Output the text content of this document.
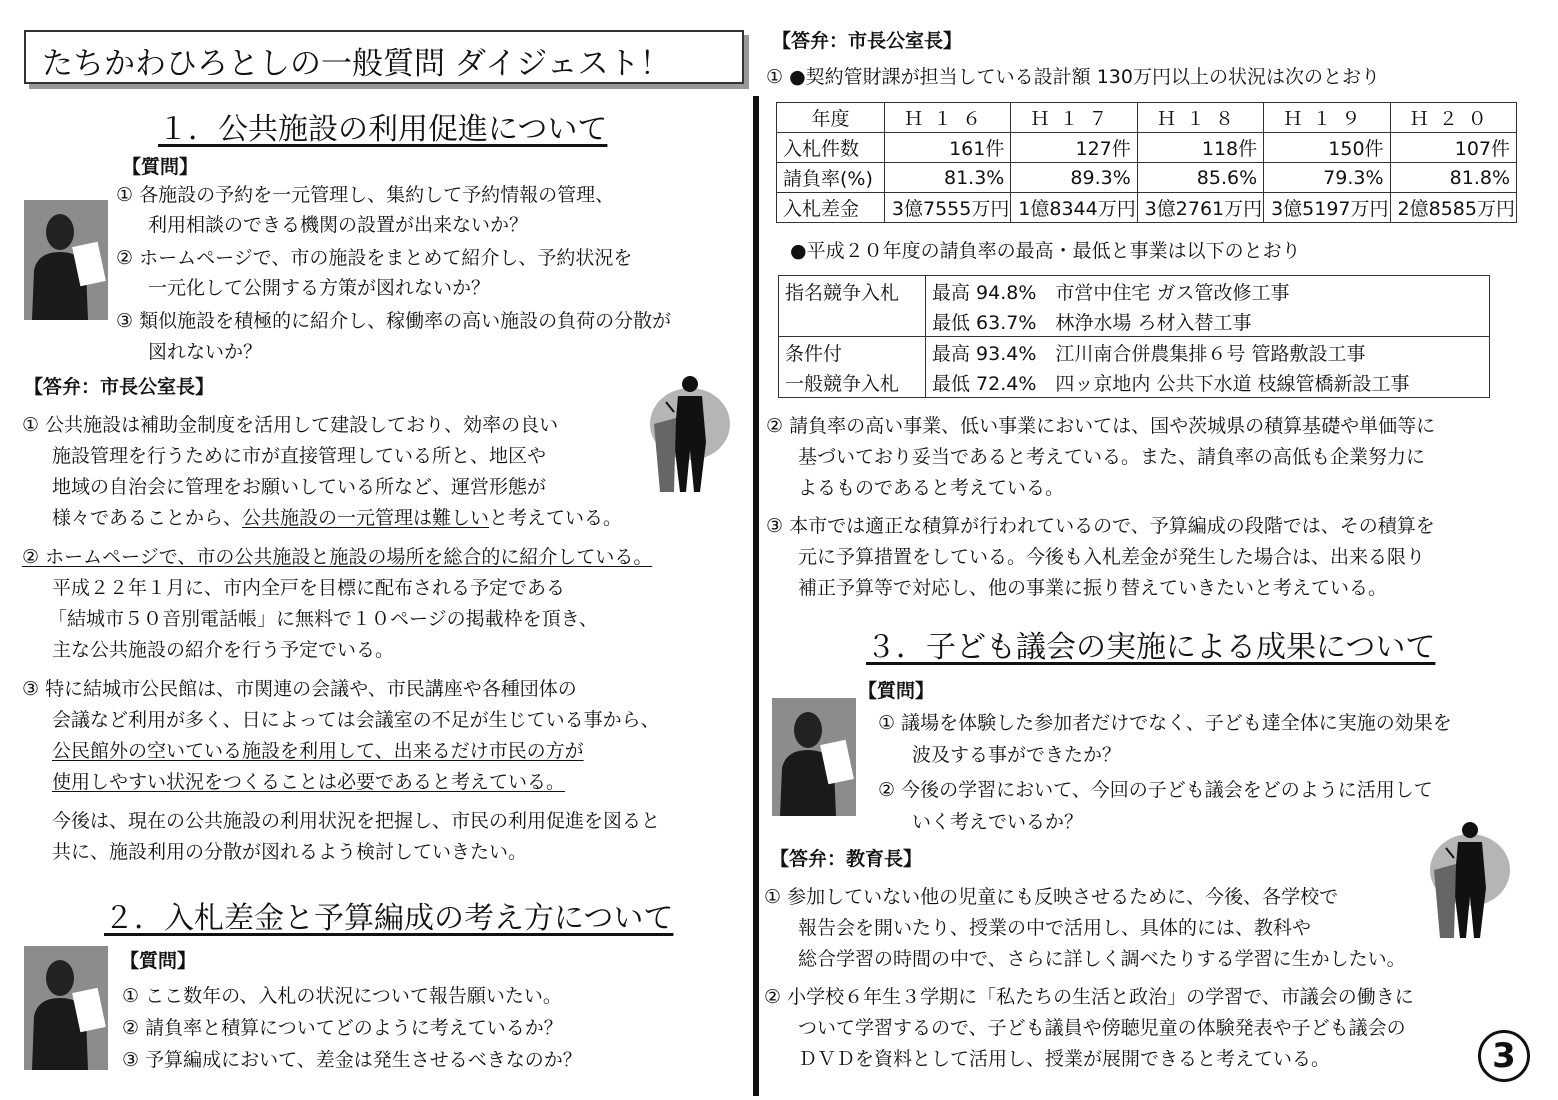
たちかわひろとしの一般質問 ダイジェスト！
１．公共施設の利用促進について
【質問】
① 各施設の予約を一元管理し、集約して予約情報の管理、
利用相談のできる機関の設置が出来ないか？
② ホームページで、市の施設をまとめて紹介し、予約状況を
一元化して公開する方策が図れないか？
③ 類似施設を積極的に紹介し、稼働率の高い施設の負荷の分散が
図れないか？
【答弁：市長公室長】
① 公共施設は補助金制度を活用して建設しており、効率の良い
施設管理を行うために市が直接管理している所と、地区や
地域の自治会に管理をお願いしている所など、運営形態が
様々であることから、公共施設の一元管理は難しいと考えている。
② ホームページで、市の公共施設と施設の場所を総合的に紹介している。
平成２２年１月に、市内全戸を目標に配布される予定である
「結城市５０音別電話帳」に無料で１０ページの掲載枠を頂き、
主な公共施設の紹介を行う予定でいる。
③ 特に結城市公民館は、市関連の会議や、市民講座や各種団体の
会議など利用が多く、日によっては会議室の不足が生じている事から、
公民館外の空いている施設を利用して、出来るだけ市民の方が
使用しやすい状況をつくることは必要であると考えている。
今後は、現在の公共施設の利用状況を把握し、市民の利用促進を図ると
共に、施設利用の分散が図れるよう検討していきたい。
２．入札差金と予算編成の考え方について
【質問】
① ここ数年の、入札の状況について報告願いたい。
② 請負率と積算についてどのように考えているか？
③ 予算編成において、差金は発生させるべきなのか？
【答弁：市長公室長】
① ●契約管財課が担当している設計額 130万円以上の状況は次のとおり
年度	Ｈ１６	Ｈ１７	Ｈ１８	Ｈ１９	Ｈ２０
入札件数	161件	127件	118件	150件	107件
請負率(%)	81.3%	89.3%	85.6%	79.3%	81.8%
入札差金	3億7555万円	1億8344万円	3億2761万円	3億5197万円	2億8585万円
●平成２０年度の請負率の最高・最低と事業は以下のとおり
指名競争入札	最高 94.8%　市営中住宅 ガス管改修工事
	最低 63.7%　林浄水場 ろ材入替工事
条件付	最高 93.4%　江川南合併農集排６号 管路敷設工事
一般競争入札	最低 72.4%　四ッ京地内 公共下水道 枝線管橋新設工事
② 請負率の高い事業、低い事業においては、国や茨城県の積算基礎や単価等に
基づいており妥当であると考えている。また、請負率の高低も企業努力に
よるものであると考えている。
③ 本市では適正な積算が行われているので、予算編成の段階では、その積算を
元に予算措置をしている。今後も入札差金が発生した場合は、出来る限り
補正予算等で対応し、他の事業に振り替えていきたいと考えている。
３．子ども議会の実施による成果について
【質問】
① 議場を体験した参加者だけでなく、子ども達全体に実施の効果を
波及する事ができたか？
② 今後の学習において、今回の子ども議会をどのように活用して
いく考えでいるか？
【答弁：教育長】
① 参加していない他の児童にも反映させるために、今後、各学校で
報告会を開いたり、授業の中で活用し、具体的には、教科や
総合学習の時間の中で、さらに詳しく調べたりする学習に生かしたい。
② 小学校６年生３学期に「私たちの生活と政治」の学習で、市議会の働きに
ついて学習するので、子ども議員や傍聴児童の体験発表や子ども議会の
ＤＶＤを資料として活用し、授業が展開できると考えている。	3
